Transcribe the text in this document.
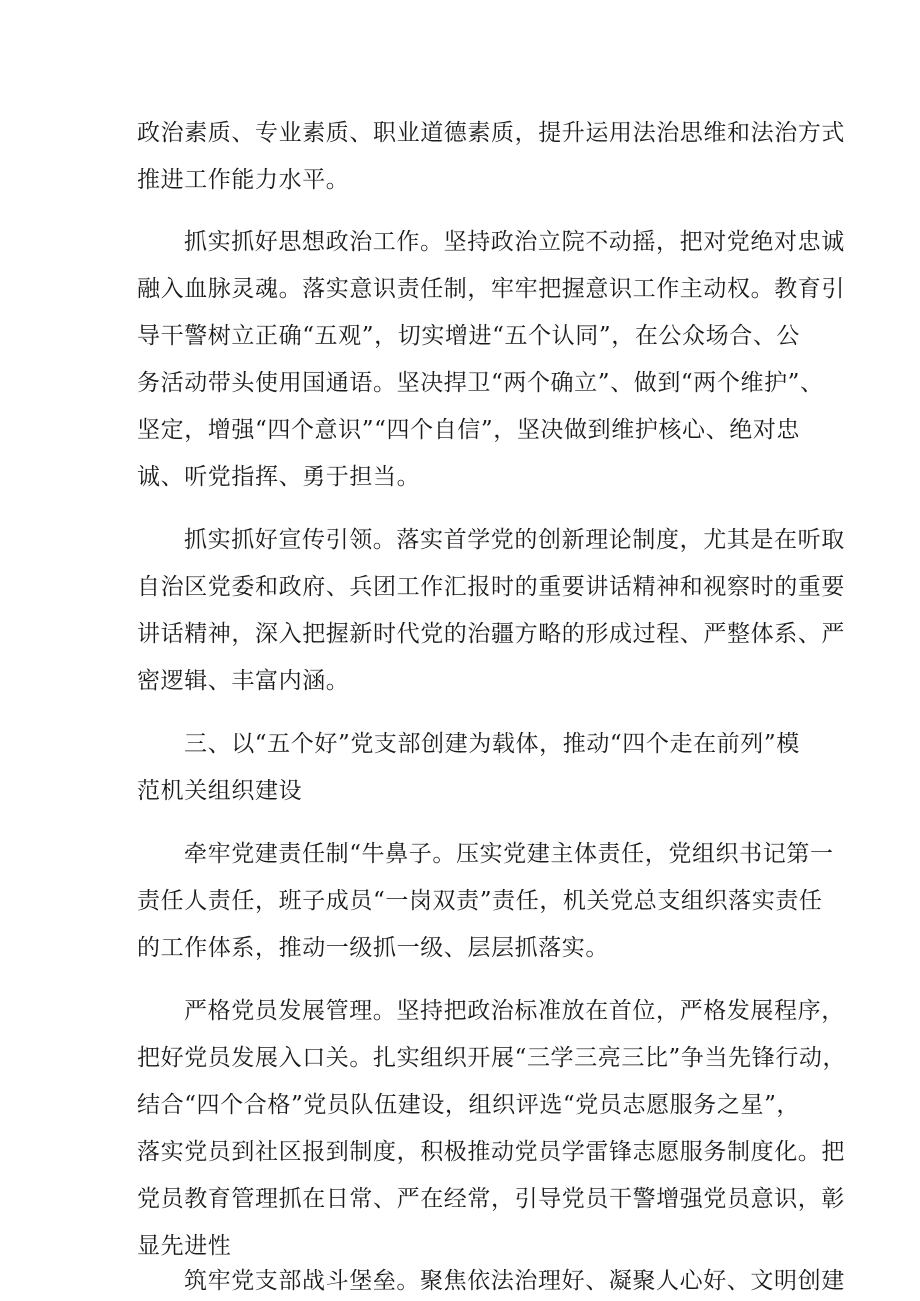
政治素质、专业素质、职业道德素质，提升运用法治思维和法治方式
推进工作能力水平。
抓实抓好思想政治工作。坚持政治立院不动摇，把对党绝对忠诚
融入血脉灵魂。落实意识责任制，牢牢把握意识工作主动权。教育引
导干警树立正确“五观”，切实增进“五个认同”，在公众场合、公
务活动带头使用国通语。坚决捍卫“两个确立”、做到“两个维护”、
坚定，增强“四个意识”“四个自信”，坚决做到维护核心、绝对忠
诚、听党指挥、勇于担当。
抓实抓好宣传引领。落实首学党的创新理论制度，尤其是在听取
自治区党委和政府、兵团工作汇报时的重要讲话精神和视察时的重要
讲话精神，深入把握新时代党的治疆方略的形成过程、严整体系、严
密逻辑、丰富内涵。
三、以“五个好”党支部创建为载体，推动“四个走在前列”模
范机关组织建设
牵牢党建责任制“牛鼻子。压实党建主体责任，党组织书记第一
责任人责任，班子成员“一岗双责”责任，机关党总支组织落实责任
的工作体系，推动一级抓一级、层层抓落实。
严格党员发展管理。坚持把政治标准放在首位，严格发展程序，
把好党员发展入口关。扎实组织开展“三学三亮三比”争当先锋行动，
结合“四个合格”党员队伍建设，组织评选“党员志愿服务之星”，
落实党员到社区报到制度，积极推动党员学雷锋志愿服务制度化。把
党员教育管理抓在日常、严在经常，引导党员干警增强党员意识，彰
显先进性
筑牢党支部战斗堡垒。聚焦依法治理好、凝聚人心好、文明创建
